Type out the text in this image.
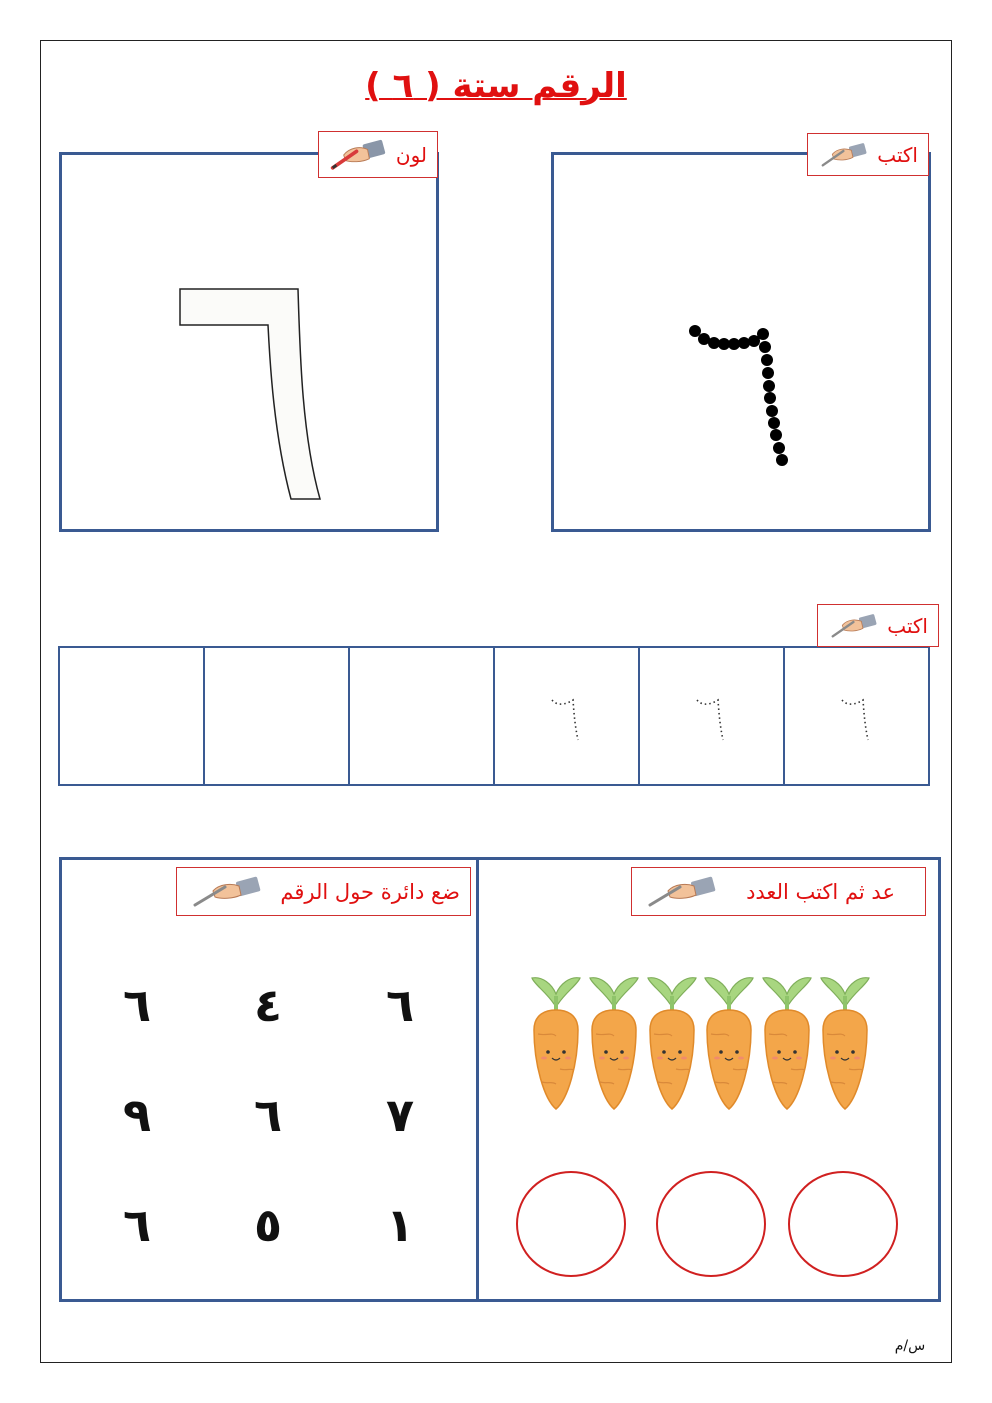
الرقم ستة ( ٦ )
لون	اكتب
اكتب
ضع دائرة حول الرقم
٦
٤
٦
٧
٦
٩
١
٥
٦
عد ثم اكتب العدد
س/م
